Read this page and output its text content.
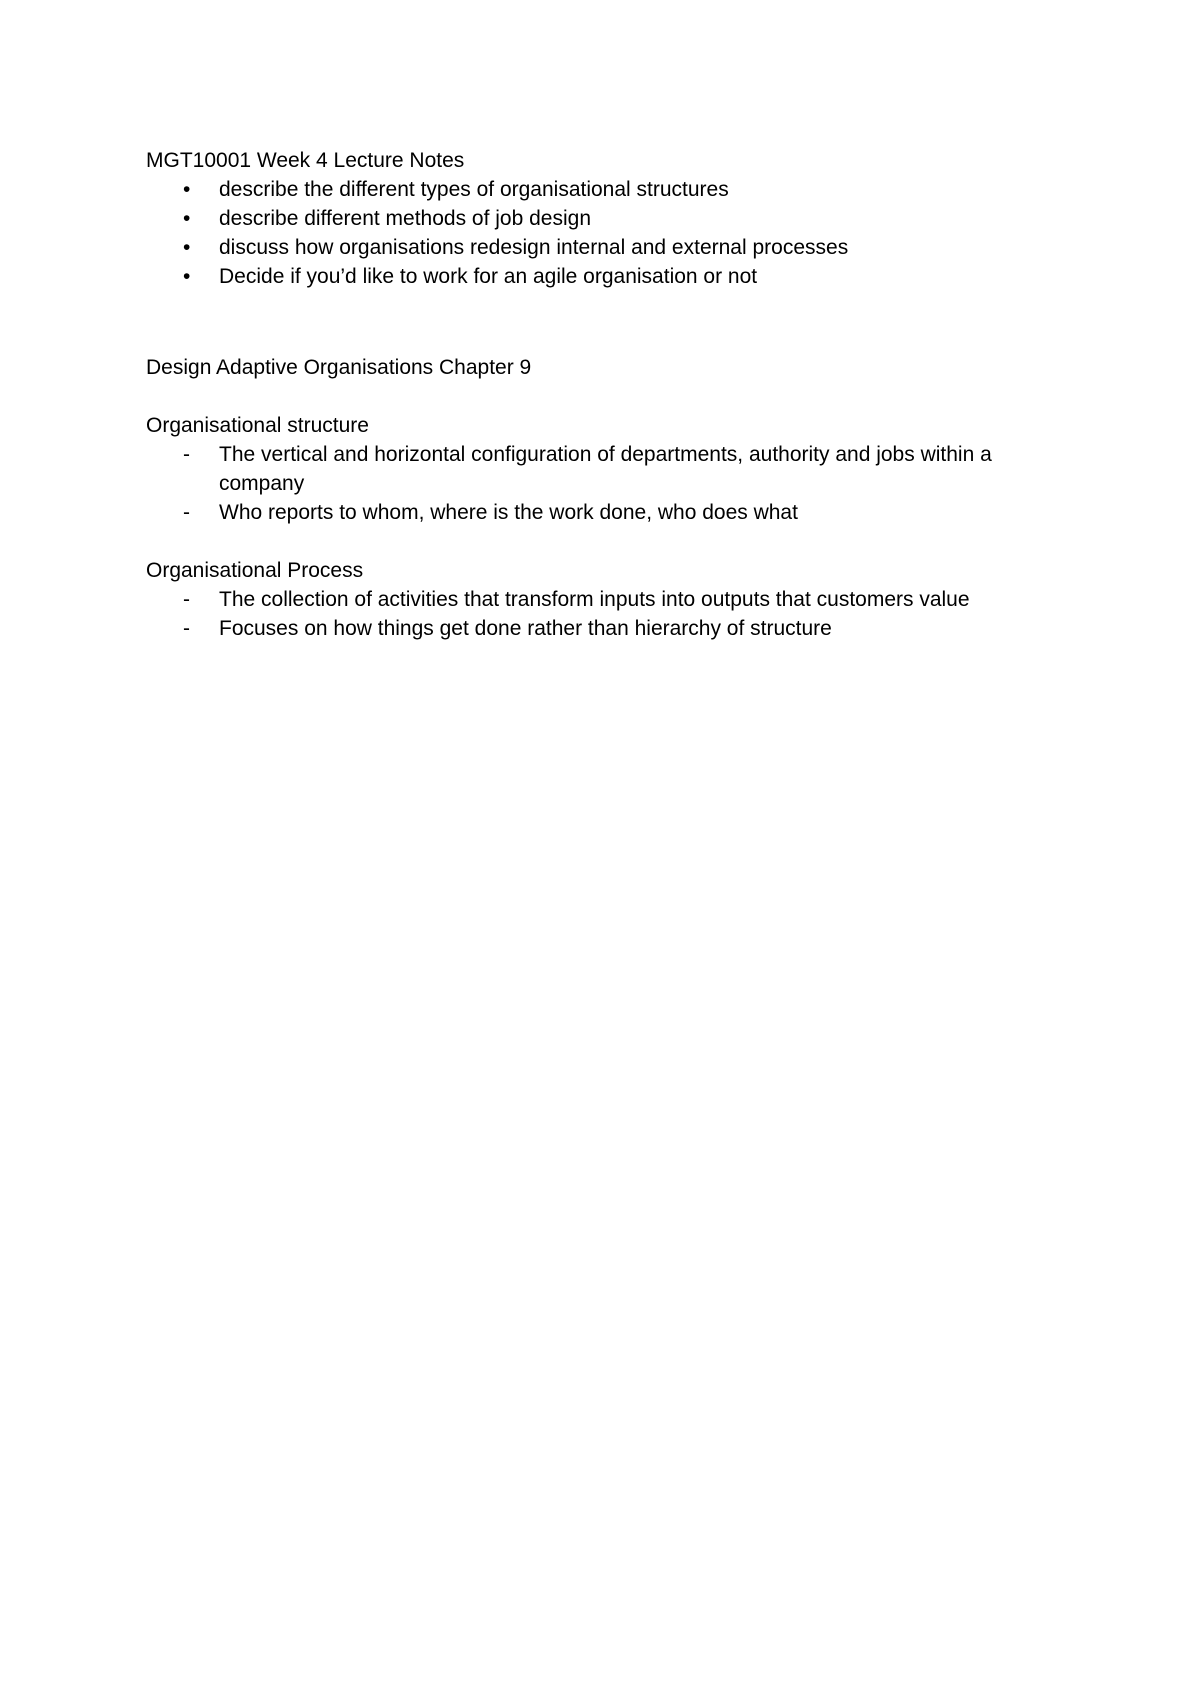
MGT10001 Week 4 Lecture Notes

•	describe the different types of organisational structures
•	describe different methods of job design
•	discuss how organisations redesign internal and external processes
•	Decide if you’d like to work for an agile organisation or not

Design Adaptive Organisations Chapter 9

Organisational structure

-	The vertical and horizontal configuration of departments, authority and jobs within a company
-	Who reports to whom, where is the work done, who does what

Organisational Process

-	The collection of activities that transform inputs into outputs that customers value
-	Focuses on how things get done rather than hierarchy of structure
